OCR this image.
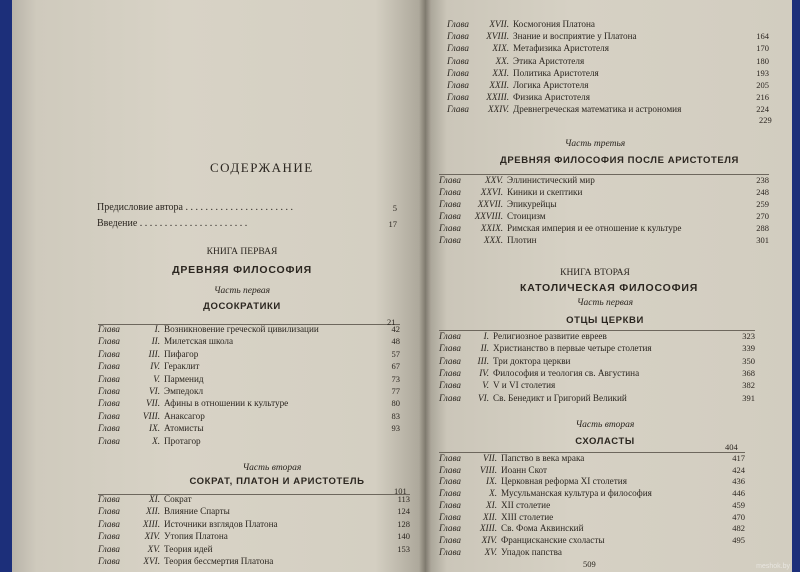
СОДЕРЖАНИЕ
Предисловие автора . . . . . . . . . . . . . . . . . . . . . .	5
Введение . . . . . . . . . . . . . . . . . . . . . .	17
КНИГА ПЕРВАЯ
ДРЕВНЯЯ ФИЛОСОФИЯ
Часть первая
ДОСОКРАТИКИ
21
Глава	I. Возникновение греческой цивилизации	42
Глава	II. Милетская школа	48
Глава	III. Пифагор	57
Глава	IV. Гераклит	67
Глава	V. Парменид	73
Глава	VI. Эмпедокл	77
Глава	VII. Афины в отношении к культуре	80
Глава	VIII. Анаксагор	83
Глава	IX. Атомисты	93
Глава	X. Протагор
Часть вторая
СОКРАТ, ПЛАТОН И АРИСТОТЕЛЬ
101
Глава	XI. Сократ	113
Глава	XII. Влияние Спарты	124
Глава	XIII. Источники взглядов Платона	128
Глава	XIV. Утопия Платона	140
Глава	XV. Теория идей	153
Глава	XVI. Теория бессмертия Платона
Глава	XVII. Космогония Платона
Глава	XVIII. Знание и восприятие у Платона	164
Глава	XIX. Метафизика Аристотеля	170
Глава	XX. Этика Аристотеля	180
Глава	XXI. Политика Аристотеля	193
Глава	XXII. Логика Аристотеля	205
Глава	XXIII. Физика Аристотеля	216
Глава	XXIV. Древнегреческая математика и астрономия	224
229
Часть третья
ДРЕВНЯЯ ФИЛОСОФИЯ ПОСЛЕ АРИСТОТЕЛЯ
Глава	XXV. Эллинистический мир	238
Глава	XXVI. Киники и скептики	248
Глава	XXVII. Эпикурейцы	259
Глава	XXVIII. Стоицизм	270
Глава	XXIX. Римская империя и ее отношение к культуре	288
Глава	XXX. Плотин	301
КНИГА ВТОРАЯ
КАТОЛИЧЕСКАЯ ФИЛОСОФИЯ
Часть первая
ОТЦЫ ЦЕРКВИ
Глава	I. Религиозное развитие евреев	323
Глава	II. Христианство в первые четыре столетия	339
Глава	III. Три доктора церкви	350
Глава	IV. Философия и теология св. Августина	368
Глава	V. V и VI столетия	382
Глава	VI. Св. Бенедикт и Григорий Великий	391
Часть вторая
СХОЛАСТЫ	404
Глава	VII. Папство в века мрака	417
Глава	VIII. Иоанн Скот	424
Глава	IX. Церковная реформа XI столетия	436
Глава	X. Мусульманская культура и философия	446
Глава	XI. XII столетие	459
Глава	XII. XIII столетие	470
Глава	XIII. Св. Фома Аквинский	482
Глава	XIV. Францисканские схоласты	495
Глава	XV. Упадок папства
509	meshok.by
